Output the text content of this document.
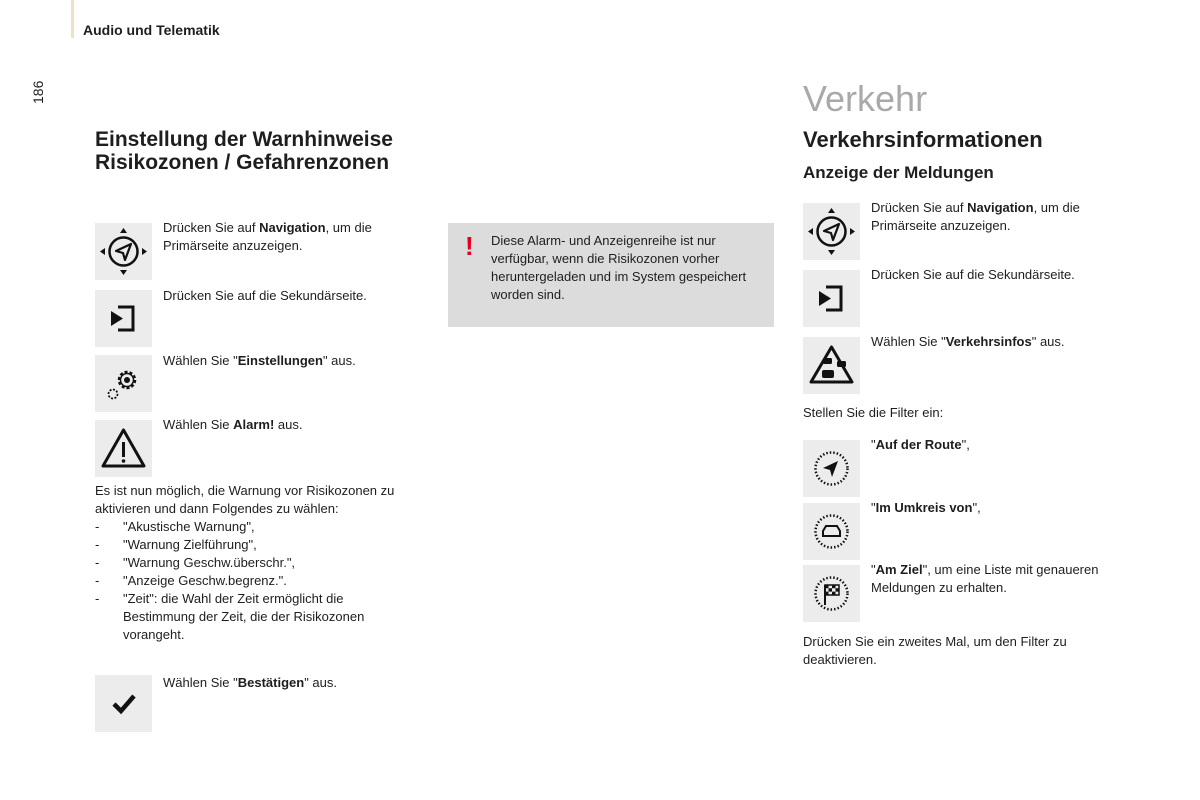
Audio und Telematik
186
Einstellung der Warnhinweise
Risikozonen / Gefahrenzonen
Drücken Sie auf Navigation, um die Primärseite anzuzeigen.
Drücken Sie auf die Sekundärseite.
Wählen Sie "Einstellungen" aus.
Wählen Sie Alarm! aus.
Es ist nun möglich, die Warnung vor Risikozonen zu aktivieren und dann Folgendes zu wählen:
- "Akustische Warnung",
- "Warnung Zielführung",
- "Warnung Geschw.überschr.",
- "Anzeige Geschw.begrenz.".
- "Zeit": die Wahl der Zeit ermöglicht die Bestimmung der Zeit, die der Risikozonen vorangeht.
Wählen Sie "Bestätigen" aus.
! Diese Alarm- und Anzeigenreihe ist nur verfügbar, wenn die Risikozonen vorher heruntergeladen und im System gespeichert worden sind.
Verkehr
Verkehrsinformationen
Anzeige der Meldungen
Drücken Sie auf Navigation, um die Primärseite anzuzeigen.
Drücken Sie auf die Sekundärseite.
Wählen Sie "Verkehrsinfos" aus.
Stellen Sie die Filter ein:
"Auf der Route",
"Im Umkreis von",
"Am Ziel", um eine Liste mit genaueren Meldungen zu erhalten.
Drücken Sie ein zweites Mal, um den Filter zu deaktivieren.
